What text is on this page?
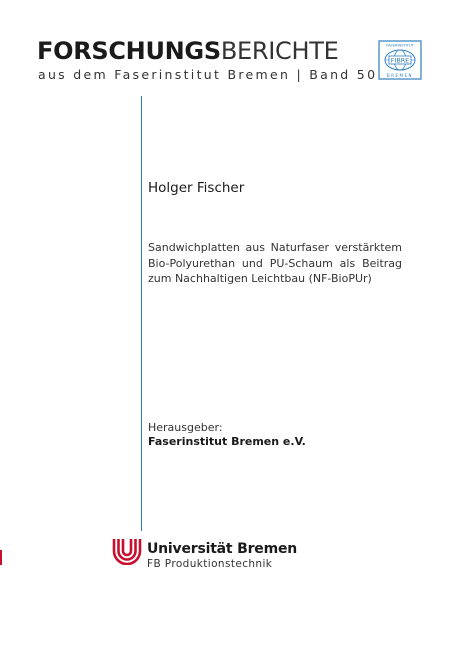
FORSCHUNGSBERICHTE
aus dem Faserinstitut Bremen | Band 50
FASERINSTITUT
FIBRE
BREMEN
Holger Fischer
Sandwichplatten aus Naturfaser verstärktem Bio-Polyurethan und PU-Schaum als Beitrag zum Nachhaltigen Leichtbau (NF-BioPUr)
Herausgeber:
Faserinstitut Bremen e.V.
Universität Bremen
FB Produktionstechnik
